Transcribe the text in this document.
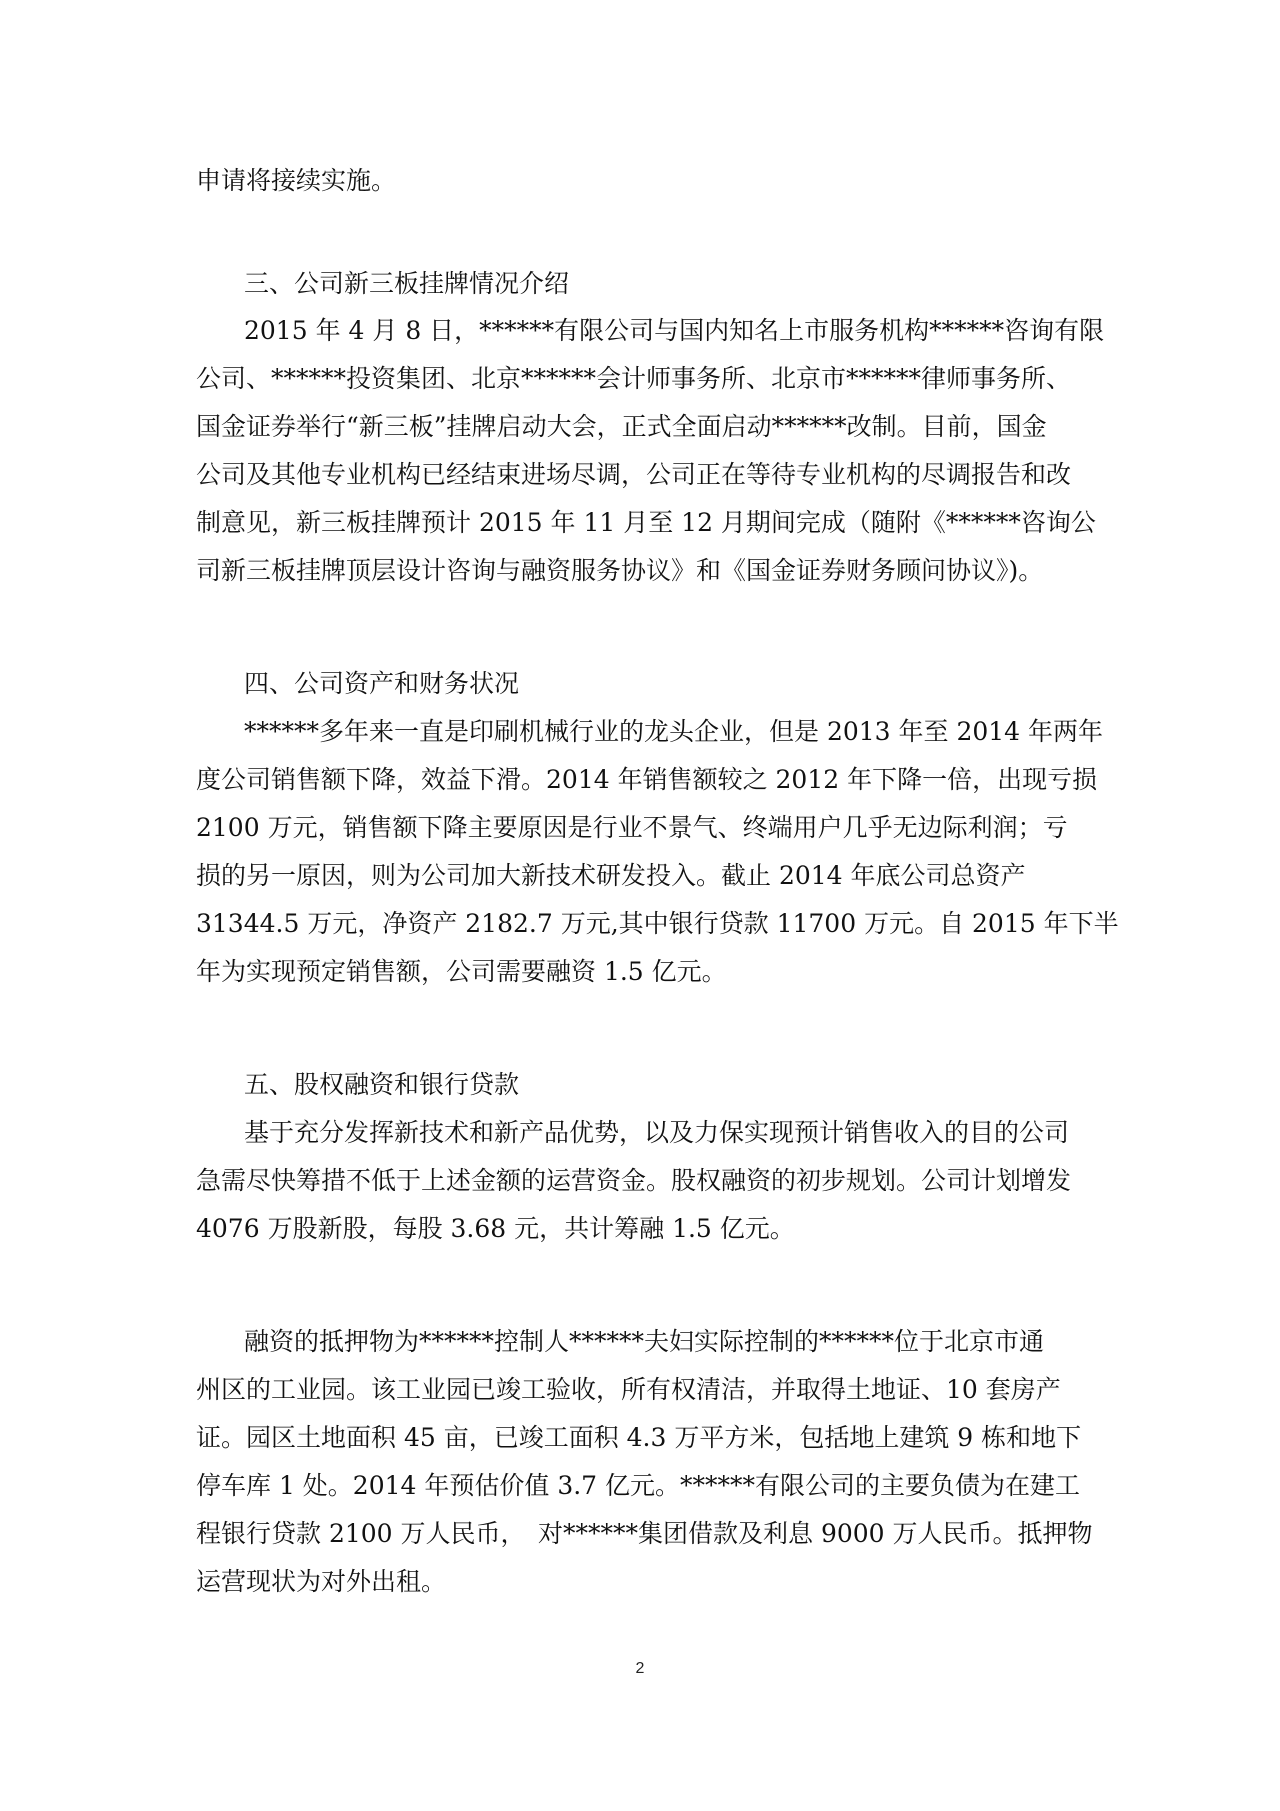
申请将接续实施。
三、公司新三板挂牌情况介绍
2015 年 4 月 8 日，******有限公司与国内知名上市服务机构******咨询有限
公司、******投资集团、北京******会计师事务所、北京市******律师事务所、
国金证券举行“新三板”挂牌启动大会，正式全面启动******改制。目前，国金
公司及其他专业机构已经结束进场尽调，公司正在等待专业机构的尽调报告和改
制意见，新三板挂牌预计 2015 年 11 月至 12 月期间完成（随附《******咨询公
司新三板挂牌顶层设计咨询与融资服务协议》和《国金证券财务顾问协议》)。
四、公司资产和财务状况
******多年来一直是印刷机械行业的龙头企业，但是 2013 年至 2014 年两年
度公司销售额下降，效益下滑。2014 年销售额较之 2012 年下降一倍，出现亏损
2100 万元，销售额下降主要原因是行业不景气、终端用户几乎无边际利润；亏
损的另一原因，则为公司加大新技术研发投入。截止 2014 年底公司总资产
31344.5 万元，净资产 2182.7 万元,其中银行贷款 11700 万元。自 2015 年下半
年为实现预定销售额，公司需要融资 1.5 亿元。
五、股权融资和银行贷款
基于充分发挥新技术和新产品优势，以及力保实现预计销售收入的目的公司
急需尽快筹措不低于上述金额的运营资金。股权融资的初步规划。公司计划增发
4076 万股新股，每股 3.68 元，共计筹融 1.5 亿元。
融资的抵押物为******控制人******夫妇实际控制的******位于北京市通
州区的工业园。该工业园已竣工验收，所有权清洁，并取得土地证、10 套房产
证。园区土地面积 45 亩，已竣工面积 4.3 万平方米，包括地上建筑 9 栋和地下
停车库 1 处。2014 年预估价值 3.7 亿元。******有限公司的主要负债为在建工
程银行贷款 2100 万人民币，　对******集团借款及利息 9000 万人民币。抵押物
运营现状为对外出租。
2
